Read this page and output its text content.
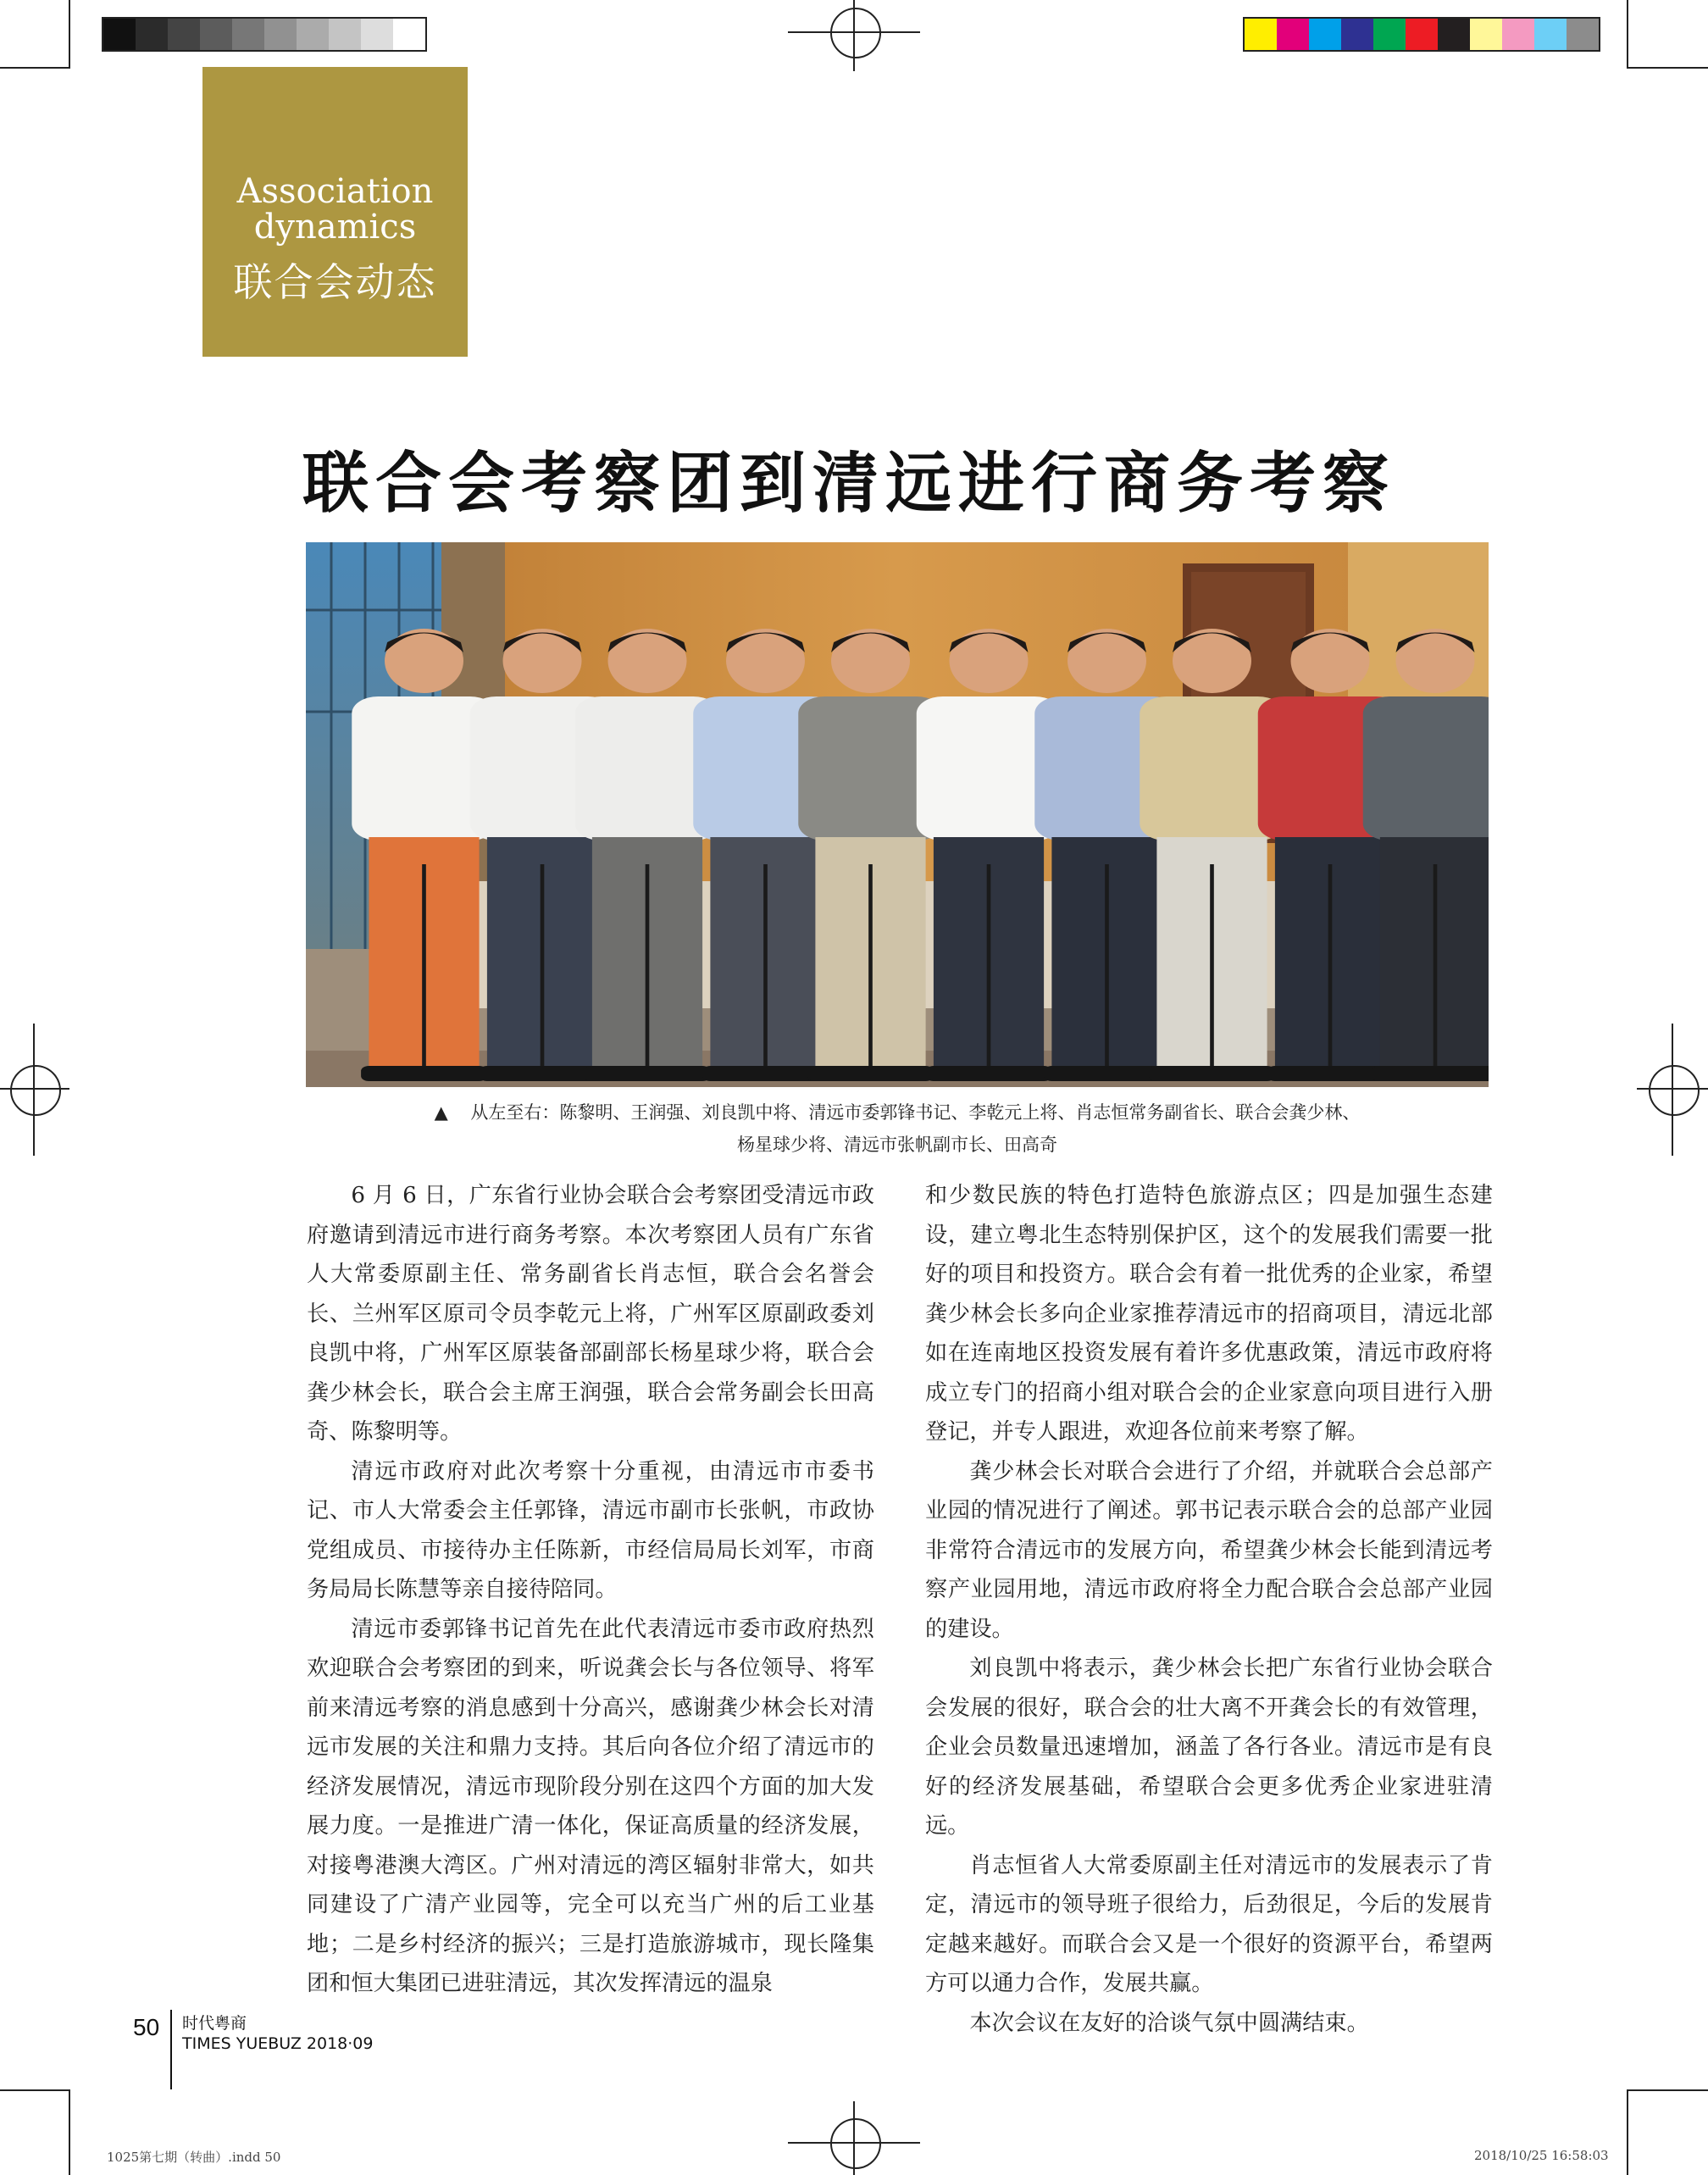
Association
dynamics
联合会动态
联合会考察团到清远进行商务考察
▲ 从左至右：陈黎明、王润强、刘良凯中将、清远市委郭锋书记、李乾元上将、肖志恒常务副省长、联合会龚少林、
杨星球少将、清远市张帆副市长、田高奇

6 月 6 日，广东省行业协会联合会考察团受清远市政府邀请到清远市进行商务考察。本次考察团人员有广东省人大常委原副主任、常务副省长肖志恒，联合会名誉会长、兰州军区原司令员李乾元上将，广州军区原副政委刘良凯中将，广州军区原装备部副部长杨星球少将，联合会龚少林会长，联合会主席王润强，联合会常务副会长田高奇、陈黎明等。

清远市政府对此次考察十分重视，由清远市市委书记、市人大常委会主任郭锋，清远市副市长张帆，市政协党组成员、市接待办主任陈新，市经信局局长刘军，市商务局局长陈慧等亲自接待陪同。

清远市委郭锋书记首先在此代表清远市委市政府热烈欢迎联合会考察团的到来，听说龚会长与各位领导、将军前来清远考察的消息感到十分高兴，感谢龚少林会长对清远市发展的关注和鼎力支持。其后向各位介绍了清远市的经济发展情况，清远市现阶段分别在这四个方面的加大发展力度。一是推进广清一体化，保证高质量的经济发展，对接粤港澳大湾区。广州对清远的湾区辐射非常大，如共同建设了广清产业园等，完全可以充当广州的后工业基地；二是乡村经济的振兴；三是打造旅游城市，现长隆集团和恒大集团已进驻清远，其次发挥清远的温泉

和少数民族的特色打造特色旅游点区；四是加强生态建设，建立粤北生态特别保护区，这个的发展我们需要一批好的项目和投资方。联合会有着一批优秀的企业家，希望龚少林会长多向企业家推荐清远市的招商项目，清远北部如在连南地区投资发展有着许多优惠政策，清远市政府将成立专门的招商小组对联合会的企业家意向项目进行入册登记，并专人跟进，欢迎各位前来考察了解。

龚少林会长对联合会进行了介绍，并就联合会总部产业园的情况进行了阐述。郭书记表示联合会的总部产业园非常符合清远市的发展方向，希望龚少林会长能到清远考察产业园用地，清远市政府将全力配合联合会总部产业园的建设。

刘良凯中将表示，龚少林会长把广东省行业协会联合会发展的很好，联合会的壮大离不开龚会长的有效管理，企业会员数量迅速增加，涵盖了各行各业。清远市是有良好的经济发展基础，希望联合会更多优秀企业家进驻清远。

肖志恒省人大常委原副主任对清远市的发展表示了肯定，清远市的领导班子很给力，后劲很足，今后的发展肯定越来越好。而联合会又是一个很好的资源平台，希望两方可以通力合作，发展共赢。

本次会议在友好的洽谈气氛中圆满结束。

50 时代粤商
TIMES YUEBUZ 2018·09
1025第七期（转曲）.indd 50	2018/10/25 16:58:03
